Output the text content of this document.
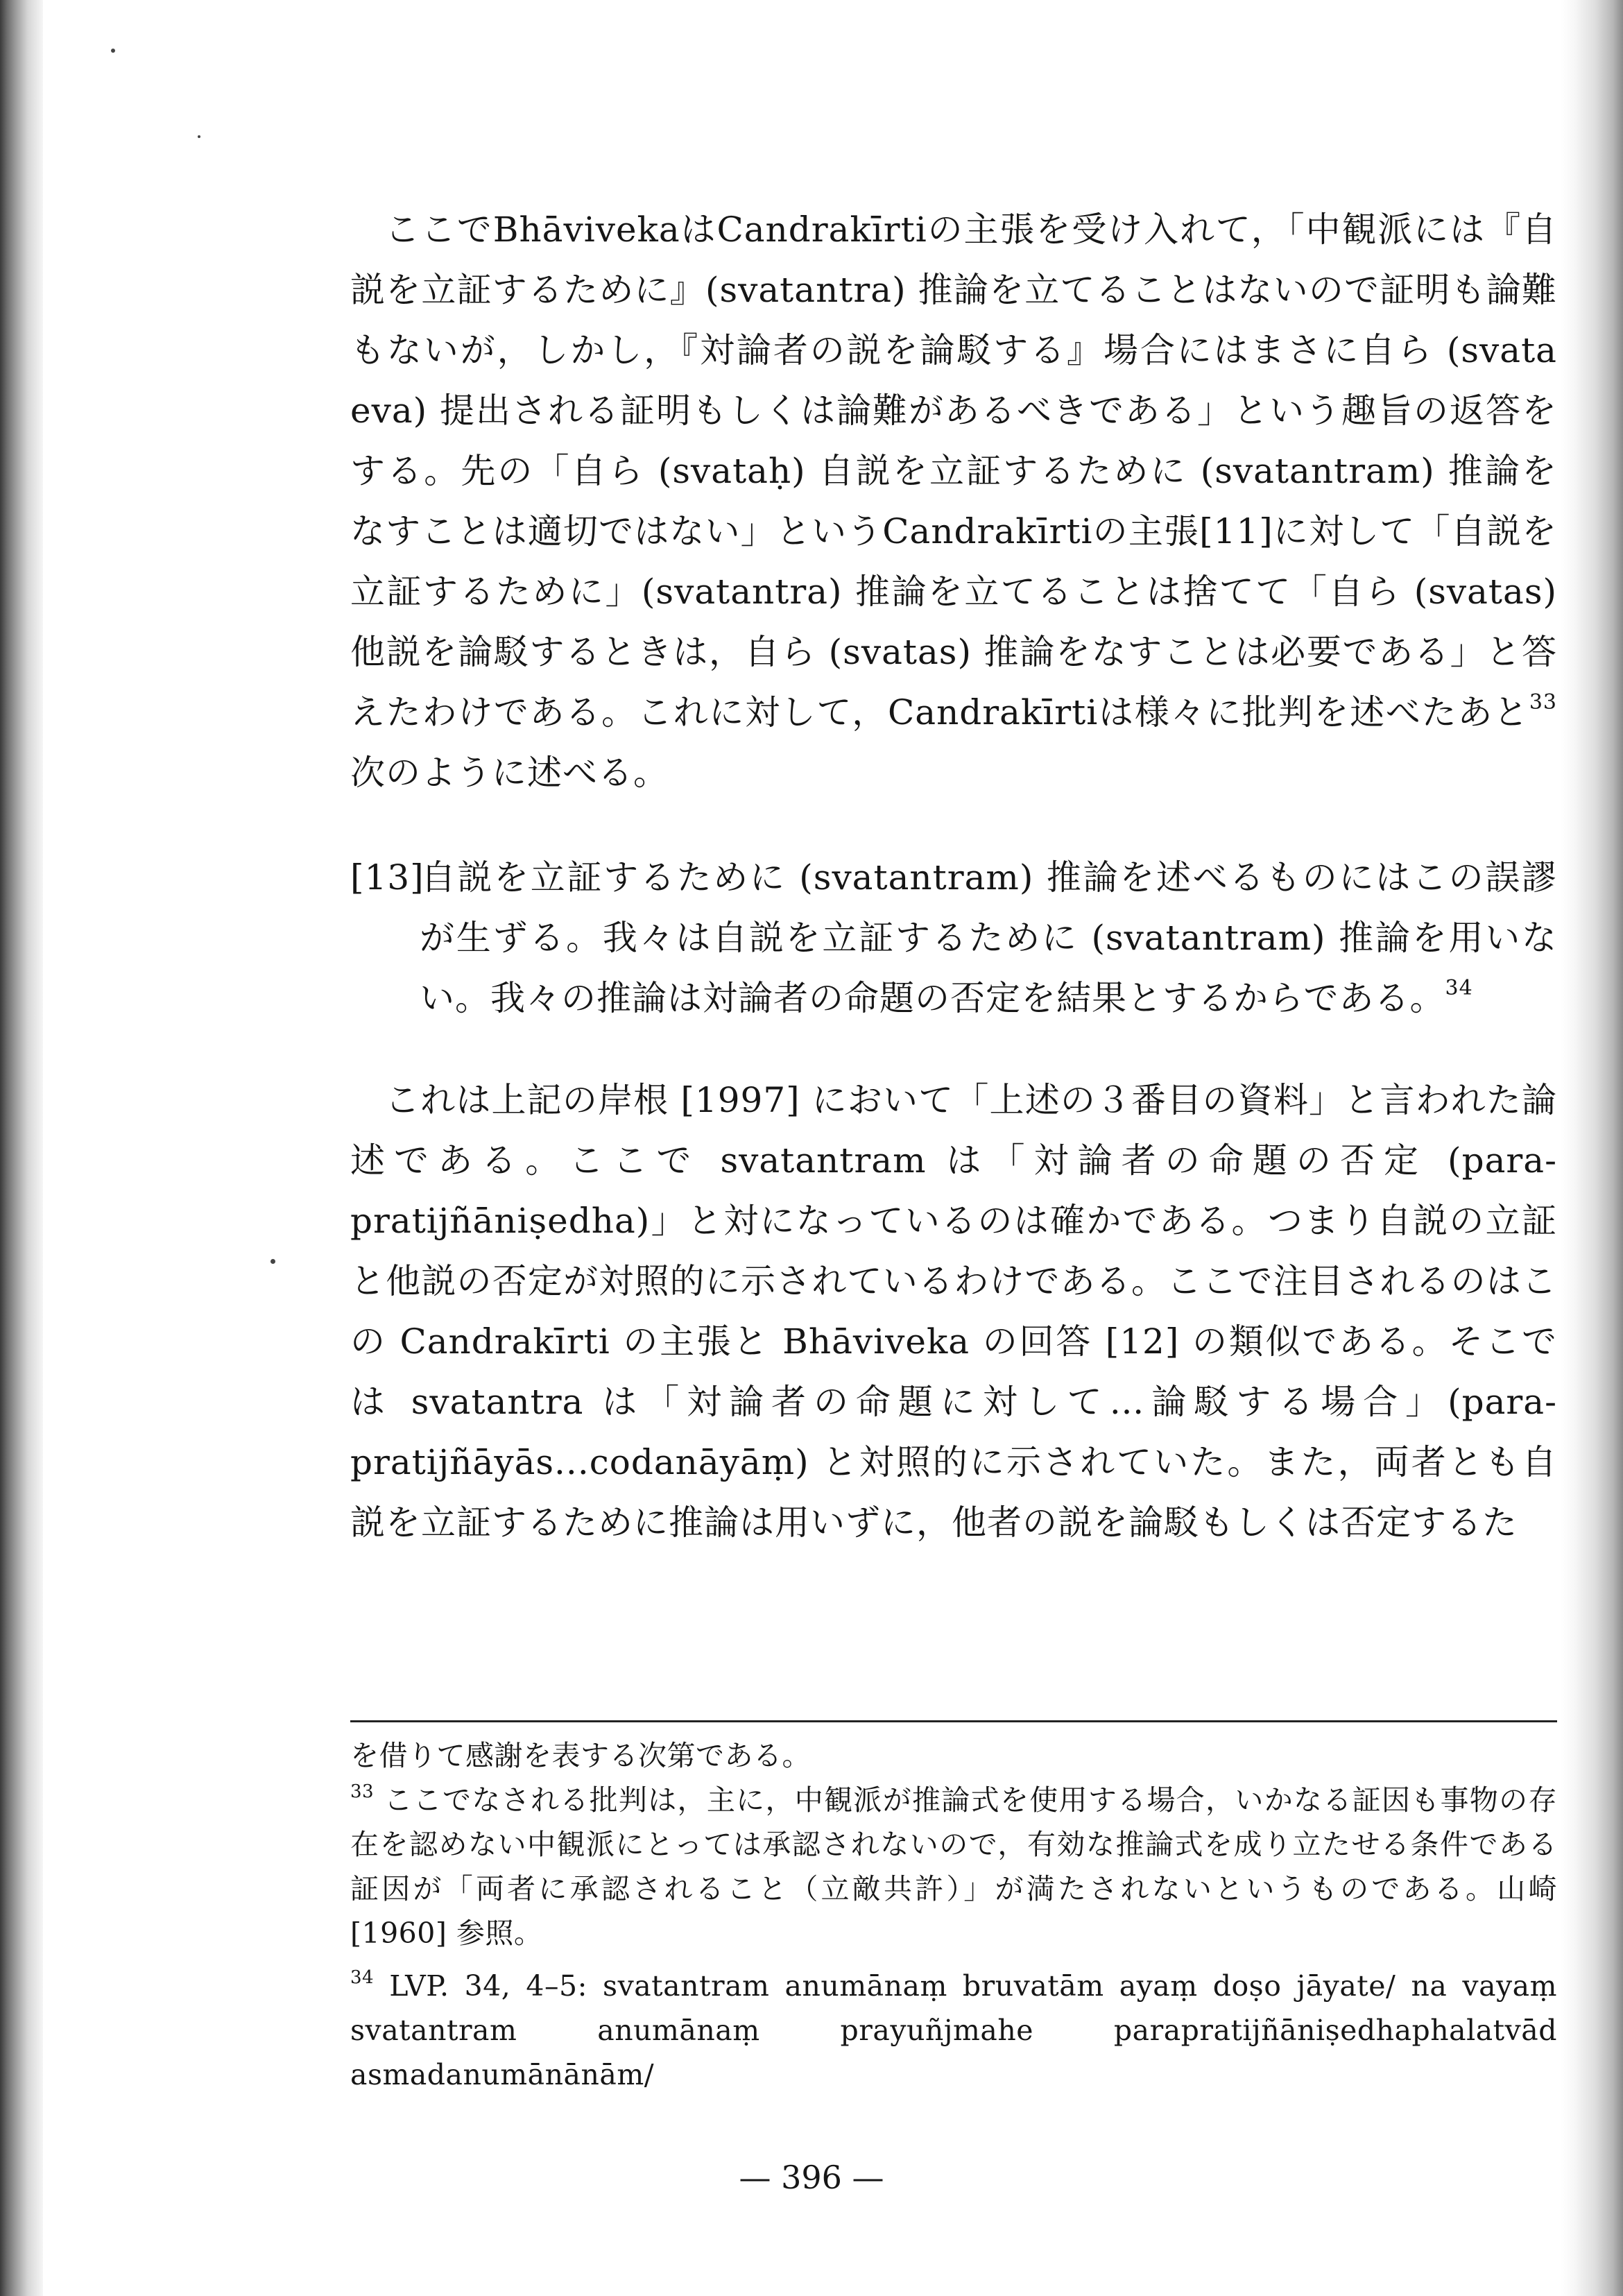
ここでBhāvivekaはCandrakīrtiの主張を受け入れて，「中観派には『自説を立証するために』(svatantra) 推論を立てることはないので証明も論難もないが，しかし，『対論者の説を論駁する』場合にはまさに自ら (svata eva) 提出される証明もしくは論難があるべきである」という趣旨の返答をする。先の「自ら (svataḥ) 自説を立証するために (svatantram) 推論をなすことは適切ではない」というCandrakīrtiの主張[11]に対して「自説を立証するために」(svatantra) 推論を立てることは捨てて「自ら (svatas) 他説を論駁するときは，自ら (svatas) 推論をなすことは必要である」と答えたわけである。これに対して，Candrakīrtiは様々に批判を述べたあと$^{33}$次のように述べる。

[13]自説を立証するために (svatantram) 推論を述べるものにはこの誤謬が生ずる。我々は自説を立証するために (svatantram) 推論を用いない。我々の推論は対論者の命題の否定を結果とするからである。$^{34}$

これは上記の岸根 [1997] において「上述の３番目の資料」と言われた論述である。ここで svatantram は「対論者の命題の否定 (para-pratijñāniṣedha)」と対になっているのは確かである。つまり自説の立証と他説の否定が対照的に示されているわけである。ここで注目されるのはこの Candrakīrti の主張と Bhāviveka の回答 [12] の類似である。そこでは svatantra は「対論者の命題に対して…論駁する場合」(para-pratijñāyās...codanāyāṃ) と対照的に示されていた。また，両者とも自説を立証するために推論は用いずに，他者の説を論駁もしくは否定するた

を借りて感謝を表する次第である。

$^{33}$ ここでなされる批判は，主に，中観派が推論式を使用する場合，いかなる証因も事物の存在を認めない中観派にとっては承認されないので，有効な推論式を成り立たせる条件である証因が「両者に承認されること（立敵共許）」が満たされないというものである。山崎 [1960] 参照。

$^{34}$ LVP. 34, 4–5: svatantram anumānaṃ bruvatām ayaṃ doṣo jāyate/ na vayaṃ svatantram anumānaṃ prayuñjmahe parapratijñāniṣedhaphalatvād asmadanumānānām/

— 396 —
